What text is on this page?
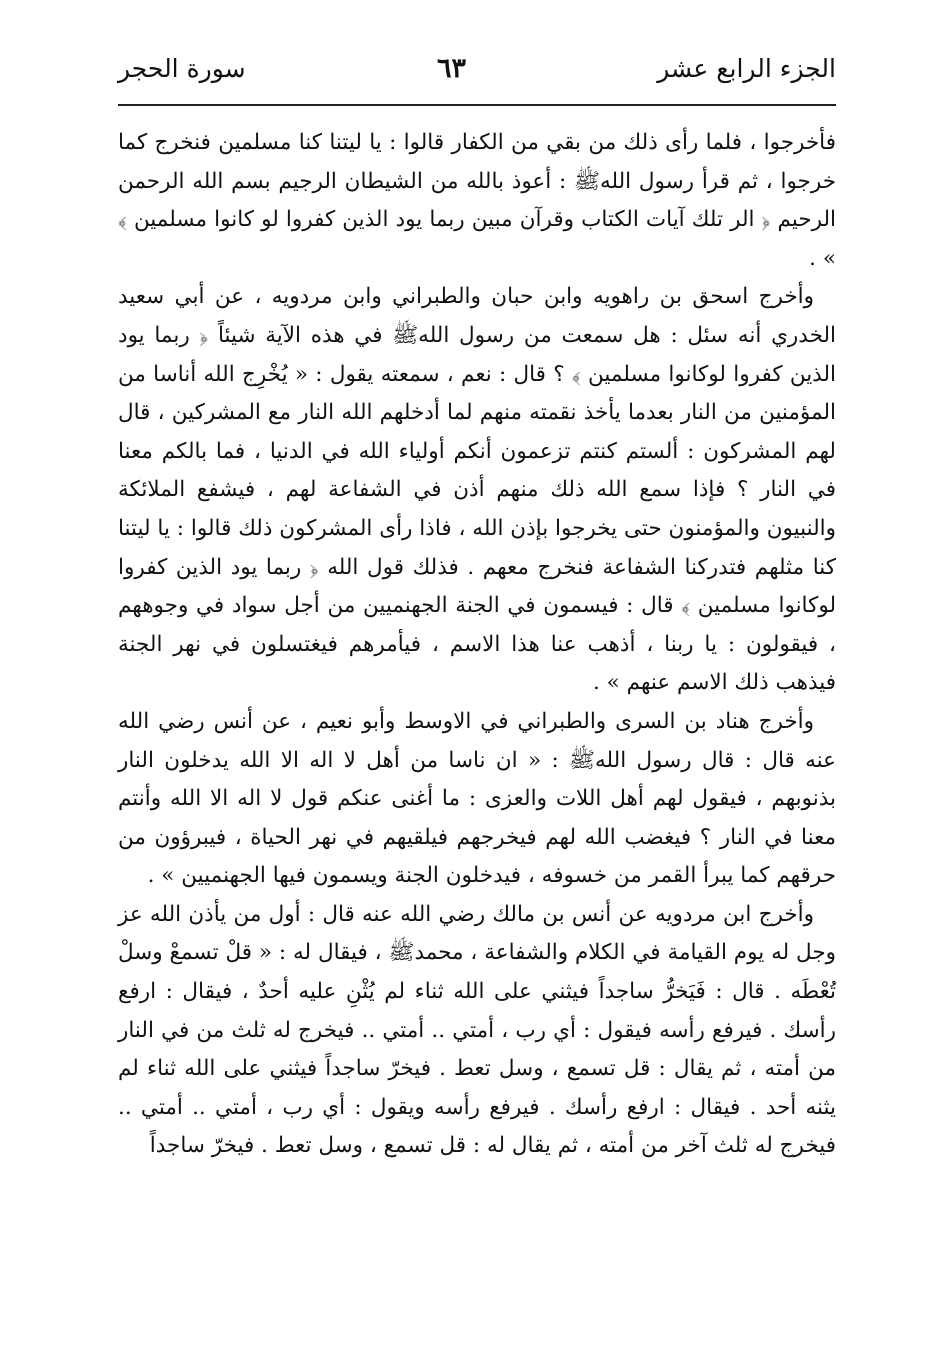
الجزء الرابع عشر
٦٣
سورة الحجر

فأخرجوا ، فلما رأى ذلك من بقي من الكفار قالوا : يا ليتنا كنا مسلمين فنخرج كما خرجوا ، ثم قرأ رسول اللهﷺ : أعوذ بالله من الشيطان الرجيم بسم الله الرحمن الرحيم ﴿ الر تلك آيات الكتاب وقرآن مبين ربما يود الذين كفروا لو كانوا مسلمين ﴾ » .

وأخرج اسحق بن راهويه وابن حبان والطبراني وابن مردويه ، عن أبي سعيد الخدري أنه سئل : هل سمعت من رسول اللهﷺ في هذه الآية شيئاً ﴿ ربما يود الذين كفروا لوكانوا مسلمين ﴾ ؟ قال : نعم ، سمعته يقول : « يُخْرِج الله أناسا من المؤمنين من النار بعدما يأخذ نقمته منهم لما أدخلهم الله النار مع المشركين ، قال لهم المشركون : ألستم كنتم تزعمون أنكم أولياء الله في الدنيا ، فما بالكم معنا في النار ؟ فإذا سمع الله ذلك منهم أذن في الشفاعة لهم ، فيشفع الملائكة والنبيون والمؤمنون حتى يخرجوا بإذن الله ، فاذا رأى المشركون ذلك قالوا : يا ليتنا كنا مثلهم فتدركنا الشفاعة فنخرج معهم . فذلك قول الله ﴿ ربما يود الذين كفروا لوكانوا مسلمين ﴾ قال : فيسمون في الجنة الجهنميين من أجل سواد في وجوههم ، فيقولون : يا ربنا ، أذهب عنا هذا الاسم ، فيأمرهم فيغتسلون في نهر الجنة فيذهب ذلك الاسم عنهم » .

وأخرج هناد بن السرى والطبراني في الاوسط وأبو نعيم ، عن أنس رضي الله عنه قال : قال رسول اللهﷺ : « ان ناسا من أهل لا اله الا الله يدخلون النار بذنوبهم ، فيقول لهم أهل اللات والعزى : ما أغنى عنكم قول لا اله الا الله وأنتم معنا في النار ؟ فيغضب الله لهم فيخرجهم فيلقيهم في نهر الحياة ، فيبرؤون من حرقهم كما يبرأ القمر من خسوفه ، فيدخلون الجنة ويسمون فيها الجهنميين » .

وأخرج ابن مردويه عن أنس بن مالك رضي الله عنه قال : أول من يأذن الله عز وجل له يوم القيامة في الكلام والشفاعة ، محمدﷺ ، فيقال له : « قلْ تسمعْ وسلْ تُعْطَه . قال : فَيَخرُّ ساجداً فيثني على الله ثناء لم يُثْنِ عليه أحدٌ ، فيقال : ارفع رأسك . فيرفع رأسه فيقول : أي رب ، أمتي .. أمتي .. فيخرج له ثلث من في النار من أمته ، ثم يقال : قل تسمع ، وسل تعط . فيخرّ ساجداً فيثني على الله ثناء لم يثنه أحد . فيقال : ارفع رأسك . فيرفع رأسه ويقول : أي رب ، أمتي .. أمتي .. فيخرج له ثلث آخر من أمته ، ثم يقال له : قل تسمع ، وسل تعط . فيخرّ ساجداً
